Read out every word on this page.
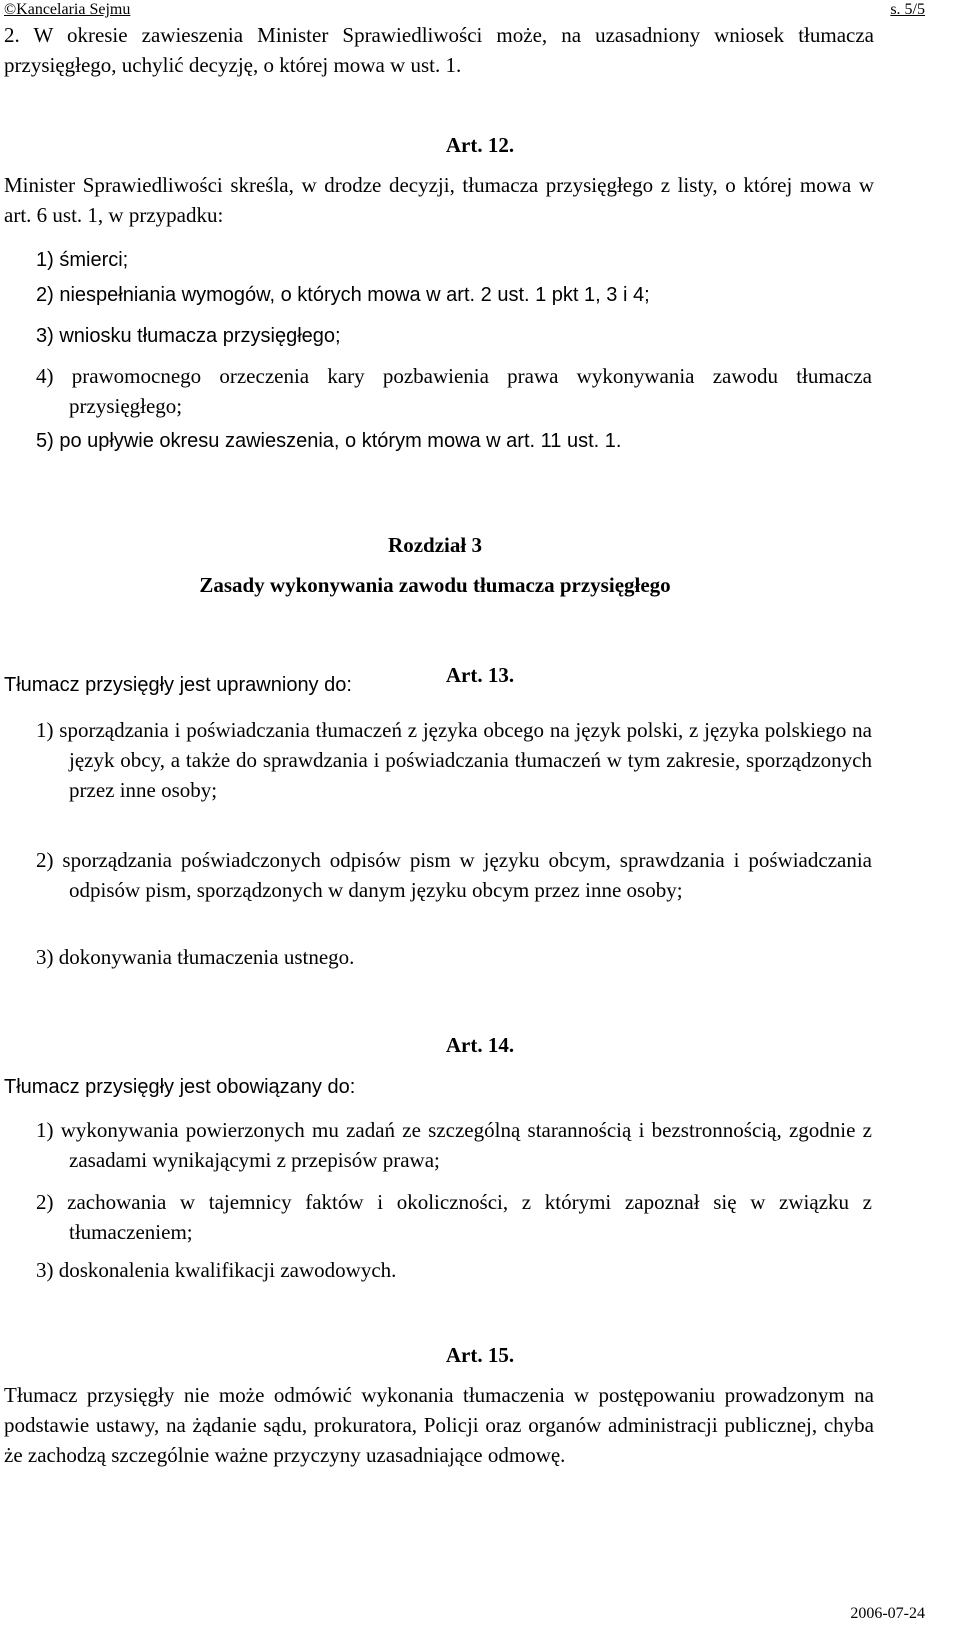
©Kancelaria Sejmu	s. 5/5
2. W okresie zawieszenia Minister Sprawiedliwości może, na uzasadniony wniosek tłumacza przysięgłego, uchylić decyzję, o której mowa w ust. 1.
Art. 12.
Minister Sprawiedliwości skreśla, w drodze decyzji, tłumacza przysięgłego z listy, o której mowa w art. 6 ust. 1, w przypadku:
1) śmierci;
2) niespełniania wymogów, o których mowa w art. 2 ust. 1 pkt 1, 3 i 4;
3) wniosku tłumacza przysięgłego;
4) prawomocnego orzeczenia kary pozbawienia prawa wykonywania zawodu tłumacza przysięgłego;
5) po upływie okresu zawieszenia, o którym mowa w art. 11 ust. 1.
Rozdział 3
Zasady wykonywania zawodu tłumacza przysięgłego
Art. 13.
Tłumacz przysięgły jest uprawniony do:
1) sporządzania i poświadczania tłumaczeń z języka obcego na język polski, z języka polskiego na język obcy, a także do sprawdzania i poświadczania tłumaczeń w tym zakresie, sporządzonych przez inne osoby;
2) sporządzania poświadczonych odpisów pism w języku obcym, sprawdzania i poświadczania odpisów pism, sporządzonych w danym języku obcym przez inne osoby;
3) dokonywania tłumaczenia ustnego.
Art. 14.
Tłumacz przysięgły jest obowiązany do:
1) wykonywania powierzonych mu zadań ze szczególną starannością i bezstronnością, zgodnie z zasadami wynikającymi z przepisów prawa;
2) zachowania w tajemnicy faktów i okoliczności, z którymi zapoznał się w związku z tłumaczeniem;
3) doskonalenia kwalifikacji zawodowych.
Art. 15.
Tłumacz przysięgły nie może odmówić wykonania tłumaczenia w postępowaniu prowadzonym na podstawie ustawy, na żądanie sądu, prokuratora, Policji oraz organów administracji publicznej, chyba że zachodzą szczególnie ważne przyczyny uzasadniające odmowę.
2006-07-24
